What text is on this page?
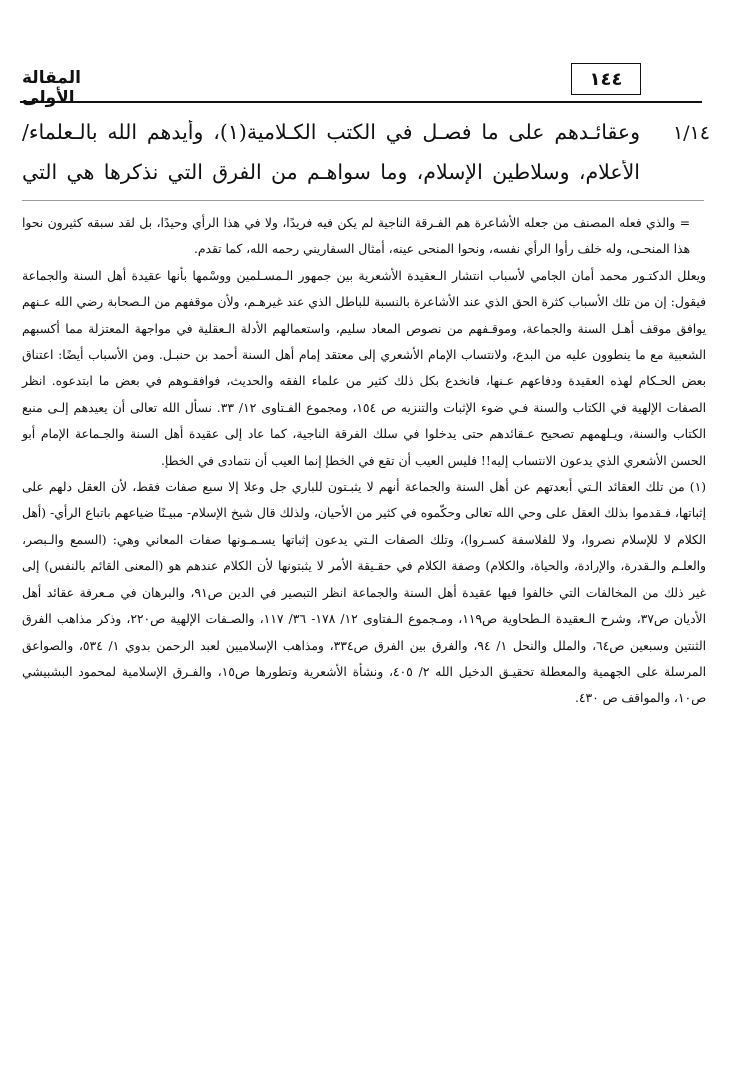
المقالة الأولى
١٤٤
١/١٤
وعقائـدهم على ما فصـل في الكتب الكـلامية(١)، وأيدهم الله بالـعلماء/
الأعلام، وسلاطين الإسلام، وما سواهـم من الفرق التي نذكرها هي التي

= والذي فعله المصنف من جعله الأشاعرة هم الفـرقة الناجية لم يكن فيه فريدًا، ولا في هذا الرأي وحيدًا، بل لقد سبقه كثيرون نحوا هذا المنحـى، وله خلف رأوا الرأي نفسه، ونحوا المنحى عينه، أمثال السفاريني رحمه الله، كما تقدم.

ويعلل الدكتـور محمد أمان الجامي لأسباب انتشار الـعقيدة الأشعرية بين جمهور الـمسـلمين ووسْمها بأنها عقيدة أهل السنة والجماعة فيقول: إن من تلك الأسباب كثرة الحق الذي عند الأشاعرة بالنسبة للباطل الذي عند غيرهـم، ولأن موقفهم من الـصحابة رضي الله عـنهم يوافق موقف أهـل السنة والجماعة، وموقـفهم من نصوص المعاد سليم، واستعمالهم الأدلة الـعقلية في مواجهة المعتزلة مما أكسبهم الشعبية مع ما ينطوون عليه من البدع، ولانتساب الإمام الأشعري إلى معتقد إمام أهل السنة أحمد بن حنبـل. ومن الأسباب أيضًا: اعتناق بعض الحـكام لهذه العقيدة ودفاعهم عـنها، فانخدع بكل ذلك كثير من علماء الفقه والحديث، فوافقـوهم في بعض ما ابتدعوه. انظر الصفات الإلهية في الكتاب والسنة فـي ضوء الإثبات والتنزيه ص ١٥٤، ومجموع الفـتاوى ١٢/ ٣٣. نسأل الله تعالى أن يعيدهم إلـى منبع الكتاب والسنة، ويـلهمهم تصحيح عـقائدهم حتى يدخلوا في سلك الفرقة الناجية، كما عاد إلى عقيدة أهل السنة والجـماعة الإمام أبو الحسن الأشعري الذي يدعون الانتساب إليه!! فليس العيب أن تقع في الخطإ إنما العيب أن نتمادى في الخطإ.

(١) من تلك العقائد الـتي أبعدتهم عن أهل السنة والجماعة أنهم لا يثبـتون للباري جل وعلا إلا سبع صفات فقط، لأن العقل دلهم على إثباتها، فـقدموا بذلك العقل على وحي الله تعالى وحكّموه في كثير من الأحيان، ولذلك قال شيخ الإسلام- مبيـنًا ضياعهم باتباع الرأي- (أهل الكلام لا للإسلام نصروا، ولا للفلاسفة كسـروا)، وتلك الصفات الـتي يدعون إثباتها يسـمـونها صفات المعاني وهي: (السمع والـبصر، والعلـم والـقدرة، والإرادة، والحياة، والكلام) وصفة الكلام في حقـيقة الأمر لا يثبتونها لأن الكلام عندهم هو (المعنى القائم بالنفس) إلى غير ذلك من المخالفات التي خالفوا فيها عقيدة أهل السنة والجماعة انظر التبصير في الدين ص٩١، والبرهان في مـعرفة عقائد أهل الأديان ص٣٧، وشرح الـعقيدة الـطحاوية ص١١٩، ومـجموع الـفتاوى ١٢/ ١٧٨- ٣٦/ ١١٧، والصـفات الإلهية ص٢٢٠، وذكر مذاهب الفرق الثنتين وسبعين ص٦٤، والملل والنحل ١/ ٩٤، والفرق بين الفرق ص٣٣٤، ومذاهب الإسلاميين لعبد الرحمن بدوي ١/ ٥٣٤، والصواعق المرسلة على الجهمية والمعطلة تحقيـق الدخيل الله ٢/ ٤٠٥، ونشأة الأشعرية وتطورها ص١٥، والفـرق الإسلامية لمحمود البشبيشي ص١٠، والمواقف ص ٤٣٠.
